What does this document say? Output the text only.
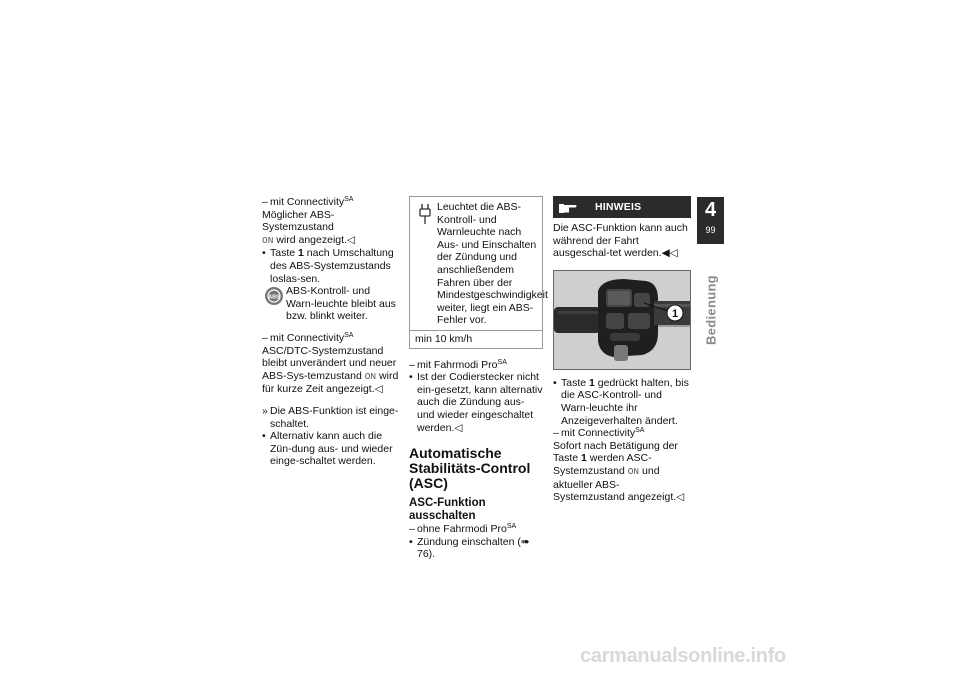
– mit Connectivity$^{SA}$

Möglicher ABS-Systemzustand
ON wird angezeigt.◁

• Taste 1 nach Umschaltung des ABS-Systemzustands loslas-sen.

ABS
ABS-Kontroll- und Warn-leuchte bleibt aus bzw. blinkt weiter.

– mit Connectivity$^{SA}$

ASC/DTC-Systemzustand bleibt unverändert und neuer ABS-Sys-temzustand ON wird für kurze Zeit angezeigt.◁

» Die ABS-Funktion ist einge-schaltet.

• Alternativ kann auch die Zün-dung aus- und wieder einge-schaltet werden.

Leuchtet die ABS-Kontroll- und Warnleuchte nach Aus- und Einschalten der Zündung und anschließendem Fahren über der Mindestgeschwindigkeit weiter, liegt ein ABS-Fehler vor.
min 10 km/h

– mit Fahrmodi Pro$^{SA}$

• Ist der Codierstecker nicht ein-gesetzt, kann alternativ auch die Zündung aus- und wieder eingeschaltet werden.◁

Automatische Stabilitäts-Control (ASC)
ASC-Funktion ausschalten

– ohne Fahrmodi Pro$^{SA}$

• Zündung einschalten (➠ 76).

HINWEIS

Die ASC-Funktion kann auch während der Fahrt ausgeschal-tet werden.◀◁

1

• Taste 1 gedrückt halten, bis die ASC-Kontroll- und Warn-leuchte ihr Anzeigeverhalten ändert.

– mit Connectivity$^{SA}$

Sofort nach Betätigung der Taste 1 werden ASC-Systemzustand ON und aktueller ABS-Systemzustand angezeigt.◁

4
99
Bedienung
carmanualsonline.info
